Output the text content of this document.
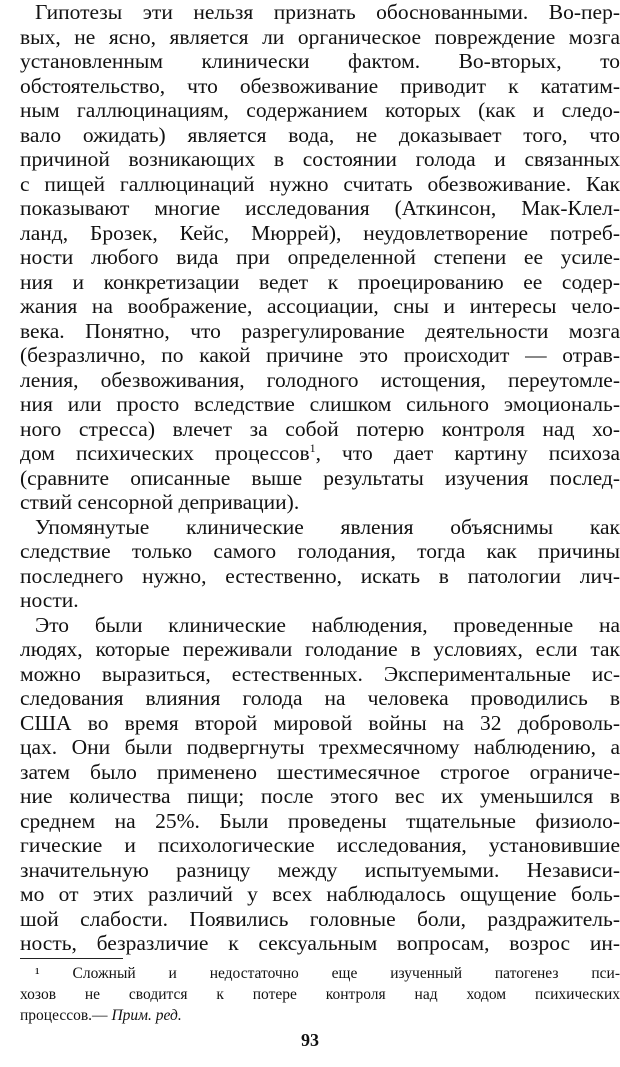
Гипотезы эти нельзя признать обоснованными. Во-пер-
вых, не ясно, является ли органическое повреждение мозга
установленным клинически фактом. Во-вторых, то
обстоятельство, что обезвоживание приводит к кататим-
ным галлюцинациям, содержанием которых (как и следо-
вало ожидать) является вода, не доказывает того, что
причиной возникающих в состоянии голода и связанных
с пищей галлюцинаций нужно считать обезвоживание. Как
показывают многие исследования (Аткинсон, Мак-Клел-
ланд, Брозек, Кейс, Мюррей), неудовлетворение потреб-
ности любого вида при определенной степени ее усиле-
ния и конкретизации ведет к проецированию ее содер-
жания на воображение, ассоциации, сны и интересы чело-
века. Понятно, что разрегулирование деятельности мозга
(безразлично, по какой причине это происходит — отрав-
ления, обезвоживания, голодного истощения, переутомле-
ния или просто вследствие слишком сильного эмоциональ-
ного стресса) влечет за собой потерю контроля над хо-
дом психических процессов$^1$, что дает картину психоза
(сравните описанные выше результаты изучения послед-
ствий сенсорной депривации).
Упомянутые клинические явления объяснимы как
следствие только самого голодания, тогда как причины
последнего нужно, естественно, искать в патологии лич-
ности.
Это были клинические наблюдения, проведенные на
людях, которые переживали голодание в условиях, если так
можно выразиться, естественных. Экспериментальные ис-
следования влияния голода на человека проводились в
США во время второй мировой войны на 32 доброволь-
цах. Они были подвергнуты трехмесячному наблюдению, а
затем было применено шестимесячное строгое ограниче-
ние количества пищи; после этого вес их уменьшился в
среднем на 25%. Были проведены тщательные физиоло-
гические и психологические исследования, установившие
значительную разницу между испытуемыми. Независи-
мо от этих различий у всех наблюдалось ощущение боль-
шой слабости. Появились головные боли, раздражитель-
ность, безразличие к сексуальным вопросам, возрос ин-
¹ Сложный и недостаточно еще изученный патогенез пси-
хозов не сводится к потере контроля над ходом психических
процессов.— Прим. ред.
93
